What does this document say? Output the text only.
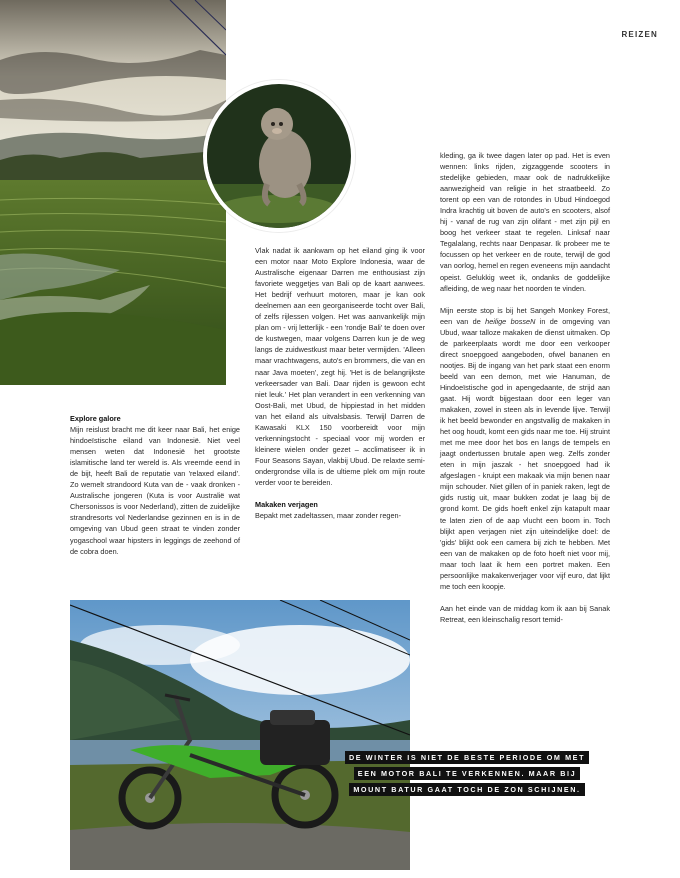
REIZEN
Explore galore

Mijn reislust bracht me dit keer naar Bali, het enige hindoeïstische eiland van Indonesië. Niet veel mensen weten dat Indonesië het grootste islamitische land ter wereld is. Als vreemde eend in de bijt, heeft Bali de reputatie van 'relaxed eiland'. Zo wemelt strandoord Kuta van de - vaak dronken - Australische jongeren (Kuta is voor Australië wat Chersonissos is voor Nederland), zitten de zuidelijke strandresorts vol Nederlandse gezinnen en is in de omgeving van Ubud geen straat te vinden zonder yogaschool waar hipsters in leggings de zeehond of de cobra doen.

Vlak nadat ik aankwam op het eiland ging ik voor een motor naar Moto Explore Indonesia, waar de Australische eigenaar Darren me enthousiast zijn favoriete weggetjes van Bali op de kaart aanwees. Het bedrijf verhuurt motoren, maar je kan ook deelnemen aan een georganiseerde tocht over Bali, of zelfs rijlessen volgen. Het was aanvankelijk mijn plan om - vrij letterlijk - een 'rondje Bali' te doen over de kustwegen, maar volgens Darren kun je de weg langs de zuidwestkust maar beter vermijden. 'Alleen maar vrachtwagens, auto's en brommers, die van en naar Java moeten', zegt hij. 'Het is de belangrijkste verkeersader van Bali. Daar rijden is gewoon echt niet leuk.' Het plan verandert in een verkenning van Oost-Bali, met Ubud, de hippiestad in het midden van het eiland als uitvalsbasis. Terwijl Darren de Kawasaki KLX 150 voorbereidt voor mijn verkenningstocht - speciaal voor mij worden er kleinere wielen onder gezet – acclimatiseer ik in Four Seasons Sayan, vlakbij Ubud. De relaxte semi-ondergrondse villa is de ultieme plek om mijn route verder voor te bereiden.

Makaken verjagen

Bepakt met zadeltassen, maar zonder regen-

kleding, ga ik twee dagen later op pad. Het is even wennen: links rijden, zigzaggende scooters in stedelijke gebieden, maar ook de nadrukkelijke aanwezigheid van religie in het straatbeeld. Zo torent op een van de rotondes in Ubud Hindoegod Indra krachtig uit boven de auto's en scooters, alsof hij - vanaf de rug van zijn olifant - met zijn pijl en boog het verkeer staat te regelen. Linksaf naar Tegalalang, rechts naar Denpasar. Ik probeer me te focussen op het verkeer en de route, terwijl de god van oorlog, hemel en regen eveneens mijn aandacht opeist. Gelukkig weet ik, ondanks de goddelijke afleiding, de weg naar het noorden te vinden.

Mijn eerste stop is bij het Sangeh Monkey Forest, een van de heilige bosseN in de omgeving van Ubud, waar talloze makaken de dienst uitmaken. Op de parkeerplaats wordt me door een verkooper direct snoepgoed aangeboden, ofwel bananen en nootjes. Bij de ingang van het park staat een enorm beeld van een demon, met wie Hanuman, de Hindoeïstische god in apengedaante, de strijd aan gaat. Hij wordt bijgestaan door een leger van makaken, zowel in steen als in levende lijve. Terwijl ik het beeld bewonder en angstvallig de makaken in het oog houdt, komt een gids naar me toe. Hij struint met me mee door het bos en langs de tempels en jaagt ondertussen brutale apen weg. Zelfs zonder eten in mijn jaszak - het snoepgoed had ik afgeslagen - kruipt een makaak via mijn benen naar mijn schouder. Niet gillen of in paniek raken, legt de gids rustig uit, maar bukken zodat je laag bij de grond komt. De gids hoeft enkel zijn katapult maar te laten zien of de aap vlucht een boom in. Toch blijkt apen verjagen niet zijn uiteindelijke doel: de 'gids' blijkt ook een camera bij zich te hebben. Met een van de makaken op de foto hoeft niet voor mij, maar toch laat ik hem een portret maken. Een persoonlijke makakenverjager voor vijf euro, dat lijkt me toch een koopje.

Aan het einde van de middag kom ik aan bij Sanak Retreat, een kleinschalig resort temid-

DE WINTER IS NIET DE BESTE PERIODE OM MET
EEN MOTOR BALI TE VERKENNEN. MAAR BIJ
MOUNT BATUR GAAT TOCH DE ZON SCHIJNEN.
